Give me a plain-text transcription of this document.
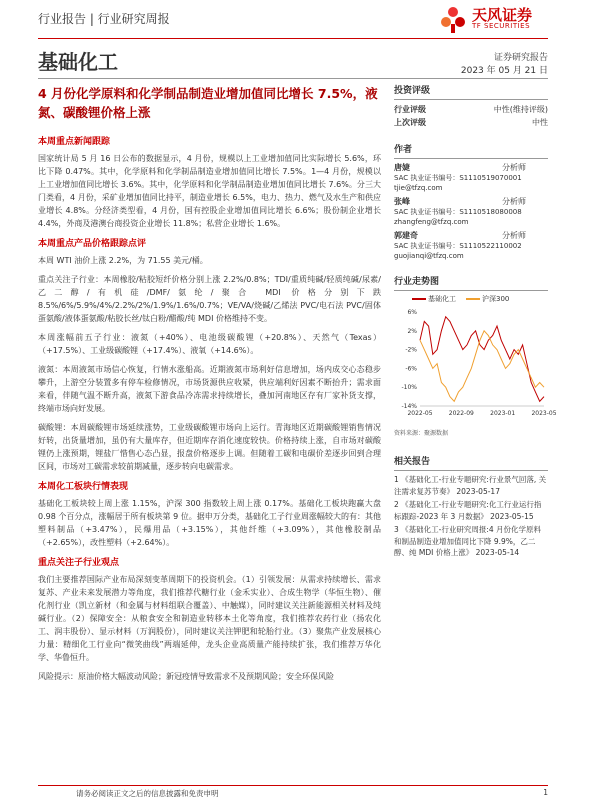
行业报告 | 行业研究周报	天风证券
TF SECURITIES
基础化工	证券研究报告
2023 年 05 月 21 日
4 月份化学原料和化学制品制造业增加值同比增长 7.5%，液氮、碳酸锂价格上涨
本周重点新闻跟踪
国家统计局 5 月 16 日公布的数据显示，4 月份，规模以上工业增加值同比实际增长 5.6%，环比下降 0.47%。其中，化学原料和化学制品制造业增加值同比增长 7.5%。1—4 月份，规模以上工业增加值同比增长 3.6%。其中，化学原料和化学制品制造业增加值同比增长 7.6%。分三大门类看，4 月份，采矿业增加值同比持平，制造业增长 6.5%，电力、热力、燃气及水生产和供应业增长 4.8%。分经济类型看，4 月份，国有控股企业增加值同比增长 6.6%；股份制企业增长 4.4%，外商及港澳台商投资企业增长 11.8%；私营企业增长 1.6%。
本周重点产品价格跟踪点评
本周 WTI 油价上涨 2.2%，为 71.55 美元/桶。
重点关注子行业：本周橡胶/粘胶短纤价格分别上涨 2.2%/0.8%；TDI/重质纯碱/轻质纯碱/尿素/乙二醇/有机硅/DMF/氨纶/聚合 MDI 价格分别下跌 8.5%/6%/5.9%/4%/2.2%/2%/1.9%/1.6%/0.7%；VE/VA/烧碱/乙烯法 PVC/电石法 PVC/固体蛋氨酸/液体蛋氨酸/粘胶长丝/钛白粉/醋酸/纯 MDI 价格维持不变。
本周涨幅前五子行业：液氮（+40%）、电池级碳酸锂（+20.8%）、天然气（Texas）（+17.5%）、工业级碳酸锂（+17.4%）、液氧（+14.6%）。
液氮：本周液氮市场信心恢复，行情水涨船高。近期液氮市场利好信息增加，场内成交心态稳步攀升，上游空分装置多有停车检修情况，市场货源供应收紧，供应端利好因素不断抬升；需求面来看，伴随气温不断升高，液氮下游食品冷冻需求持续增长，叠加河南地区存有厂家补货支撑，终端市场向好发展。
碳酸锂：本周碳酸锂市场延续涨势，工业级碳酸锂市场向上运行。青海地区近期碳酸锂销售情况好转，出货量增加，虽仍有大量库存，但近期库存消化速度较快。价格持续上涨，自市场对碳酸锂仍上涨预期，锂盐厂惜售心态凸显，报盘价格逐步上调。但随着工碳和电碳价差逐步回到合理区间，市场对工碳需求较前期减量，逐步转向电碳需求。
本周化工板块行情表现
基础化工板块较上周上涨 1.15%，沪深 300 指数较上周上涨 0.17%。基础化工板块跑赢大盘 0.98 个百分点，涨幅居于所有板块第 9 位。据申万分类，基础化工子行业周涨幅较大的有：其他塑料制品（+3.47%），民爆用品（+3.15%），其他纤维（+3.09%），其他橡胶制品（+2.65%），改性塑料（+2.64%）。
重点关注子行业观点
我们主要推荐国际产业布局深刻变革周期下的投资机会。（1）引领发展：从需求持续增长、需求复苏、产业未来发展潜力等角度，我们推荐代糖行业（金禾实业）、合成生物学（华恒生物）、催化剂行业（凯立新材（和金属与材料组联合覆盖）、中触媒），同时建议关注新能源相关材料及纯碱行业。（2）保障安全：从粮食安全和制造业转移本土化等角度，我们推荐农药行业（扬农化工、润丰股份）、显示材料（万润股份），同时建议关注钾肥和轮胎行业。（3）聚焦产业发展核心力量：精细化工行业向“微笑曲线”两端延伸，龙头企业高质量产能持续扩张，我们推荐万华化学、华鲁恒升。
风险提示：原油价格大幅波动风险；新冠疫情导致需求不及预期风险；安全环保风险
投资评级
行业评级	中性(维持评级)
上次评级	中性
作者
唐婕	分析师
SAC 执业证书编号：S1110519070001
tjie@tfzq.com
张峰	分析师
SAC 执业证书编号：S1110518080008
zhangfeng@tfzq.com
郭建奇	分析师
SAC 执业证书编号：S1110522110002
guojianqi@tfzq.com
行业走势图
基础化工	沪深300
6%
2%
-2%
-6%
-10%
-14%
2022-05	2022-09	2023-01	2023-05
资料来源：聚源数据
相关报告
1 《基础化工-行业专题研究:行业景气回落, 关注需求复苏节奏》 2023-05-17
2 《基础化工-行业专题研究:化工行业运行指标跟踪-2023 年 3 月数据》 2023-05-15
3 《基础化工-行业研究周报:4 月份化学原料和制品制造业增加值同比下降 9.9%，乙二醇、纯 MDI 价格上涨》 2023-05-14
请务必阅读正文之后的信息披露和免责申明	1
